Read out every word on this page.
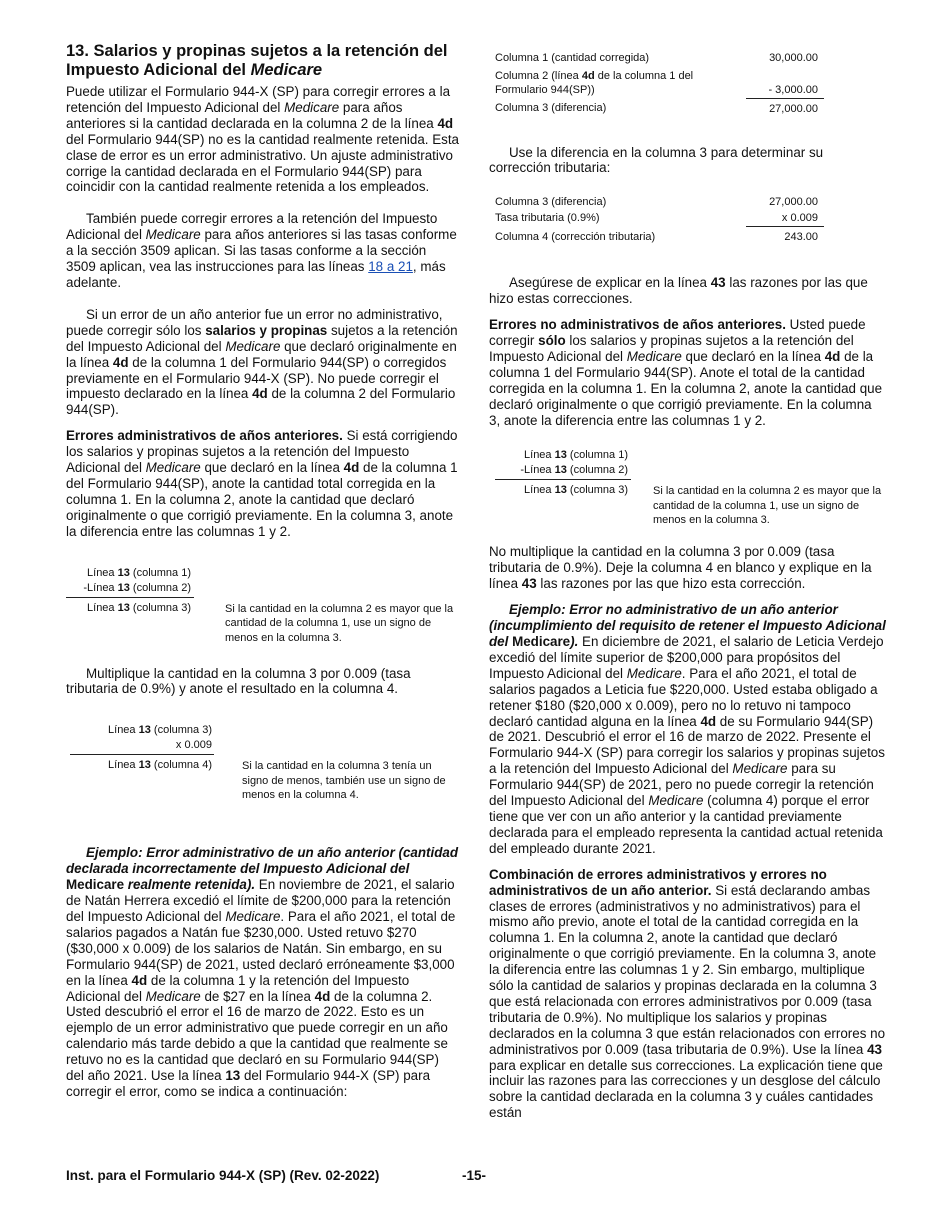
13. Salarios y propinas sujetos a la retención del Impuesto Adicional del Medicare

Puede utilizar el Formulario 944-X (SP) para corregir errores a la retención del Impuesto Adicional del Medicare para años anteriores si la cantidad declarada en la columna 2 de la línea 4d del Formulario 944(SP) no es la cantidad realmente retenida. Esta clase de error es un error administrativo. Un ajuste administrativo corrige la cantidad declarada en el Formulario 944(SP) para coincidir con la cantidad realmente retenida a los empleados.

También puede corregir errores a la retención del Impuesto Adicional del Medicare para años anteriores si las tasas conforme a la sección 3509 aplican. Si las tasas conforme a la sección 3509 aplican, vea las instrucciones para las líneas 18 a 21, más adelante.

Si un error de un año anterior fue un error no administrativo, puede corregir sólo los salarios y propinas sujetos a la retención del Impuesto Adicional del Medicare que declaró originalmente en la línea 4d de la columna 1 del Formulario 944(SP) o corregidos previamente en el Formulario 944-X (SP). No puede corregir el impuesto declarado en la línea 4d de la columna 2 del Formulario 944(SP).

Errores administrativos de años anteriores. Si está corrigiendo los salarios y propinas sujetos a la retención del Impuesto Adicional del Medicare que declaró en la línea 4d de la columna 1 del Formulario 944(SP), anote la cantidad total corregida en la columna 1. En la columna 2, anote la cantidad que declaró originalmente o que corrigió previamente. En la columna 3, anote la diferencia entre las columnas 1 y 2.

Línea 13 (columna 1)
-Línea 13 (columna 2)
Línea 13 (columna 3)	Si la cantidad en la columna 2 es mayor que la cantidad de la columna 1, use un signo de menos en la columna 3.

Multiplique la cantidad en la columna 3 por 0.009 (tasa tributaria de 0.9%) y anote el resultado en la columna 4.

Línea 13 (columna 3)
x 0.009
Línea 13 (columna 4)	Si la cantidad en la columna 3 tenía un signo de menos, también use un signo de menos en la columna 4.

Ejemplo: Error administrativo de un año anterior (cantidad declarada incorrectamente del Impuesto Adicional del Medicare realmente retenida). En noviembre de 2021, el salario de Natán Herrera excedió el límite de $200,000 para la retención del Impuesto Adicional del Medicare. Para el año 2021, el total de salarios pagados a Natán fue $230,000. Usted retuvo $270 ($30,000 x 0.009) de los salarios de Natán. Sin embargo, en su Formulario 944(SP) de 2021, usted declaró erróneamente $3,000 en la línea 4d de la columna 1 y la retención del Impuesto Adicional del Medicare de $27 en la línea 4d de la columna 2. Usted descubrió el error el 16 de marzo de 2022. Esto es un ejemplo de un error administrativo que puede corregir en un año calendario más tarde debido a que la cantidad que realmente se retuvo no es la cantidad que declaró en su Formulario 944(SP) del año 2021. Use la línea 13 del Formulario 944-X (SP) para corregir el error, como se indica a continuación:

Columna 1 (cantidad corregida)	30,000.00
Columna 2 (línea 4d de la columna 1 del Formulario 944(SP))	- 3,000.00
Columna 3 (diferencia)	27,000.00

Use la diferencia en la columna 3 para determinar su corrección tributaria:

Columna 3 (diferencia)	27,000.00
Tasa tributaria (0.9%)	x 0.009
Columna 4 (corrección tributaria)	243.00

Asegúrese de explicar en la línea 43 las razones por las que hizo estas correcciones.

Errores no administrativos de años anteriores. Usted puede corregir sólo los salarios y propinas sujetos a la retención del Impuesto Adicional del Medicare que declaró en la línea 4d de la columna 1 del Formulario 944(SP). Anote el total de la cantidad corregida en la columna 1. En la columna 2, anote la cantidad que declaró originalmente o que corrigió previamente. En la columna 3, anote la diferencia entre las columnas 1 y 2.

Línea 13 (columna 1)
-Línea 13 (columna 2)
Línea 13 (columna 3) Si la cantidad en la columna 2 es mayor que la cantidad de la columna 1, use un signo de menos en la columna 3.

No multiplique la cantidad en la columna 3 por 0.009 (tasa tributaria de 0.9%). Deje la columna 4 en blanco y explique en la línea 43 las razones por las que hizo esta corrección.

Ejemplo: Error no administrativo de un año anterior (incumplimiento del requisito de retener el Impuesto Adicional del Medicare). En diciembre de 2021, el salario de Leticia Verdejo excedió del límite superior de $200,000 para propósitos del Impuesto Adicional del Medicare. Para el año 2021, el total de salarios pagados a Leticia fue $220,000. Usted estaba obligado a retener $180 ($20,000 x 0.009), pero no lo retuvo ni tampoco declaró cantidad alguna en la línea 4d de su Formulario 944(SP) de 2021. Descubrió el error el 16 de marzo de 2022. Presente el Formulario 944-X (SP) para corregir los salarios y propinas sujetos a la retención del Impuesto Adicional del Medicare para su Formulario 944(SP) de 2021, pero no puede corregir la retención del Impuesto Adicional del Medicare (columna 4) porque el error tiene que ver con un año anterior y la cantidad previamente declarada para el empleado representa la cantidad actual retenida del empleado durante 2021.

Combinación de errores administrativos y errores no administrativos de un año anterior. Si está declarando ambas clases de errores (administrativos y no administrativos) para el mismo año previo, anote el total de la cantidad corregida en la columna 1. En la columna 2, anote la cantidad que declaró originalmente o que corrigió previamente. En la columna 3, anote la diferencia entre las columnas 1 y 2. Sin embargo, multiplique sólo la cantidad de salarios y propinas declarada en la columna 3 que está relacionada con errores administrativos por 0.009 (tasa tributaria de 0.9%). No multiplique los salarios y propinas declarados en la columna 3 que están relacionados con errores no administrativos por 0.009 (tasa tributaria de 0.9%). Use la línea 43 para explicar en detalle sus correcciones. La explicación tiene que incluir las razones para las correcciones y un desglose del cálculo sobre la cantidad declarada en la columna 3 y cuáles cantidades están

Inst. para el Formulario 944-X (SP) (Rev. 02-2022)	-15-
